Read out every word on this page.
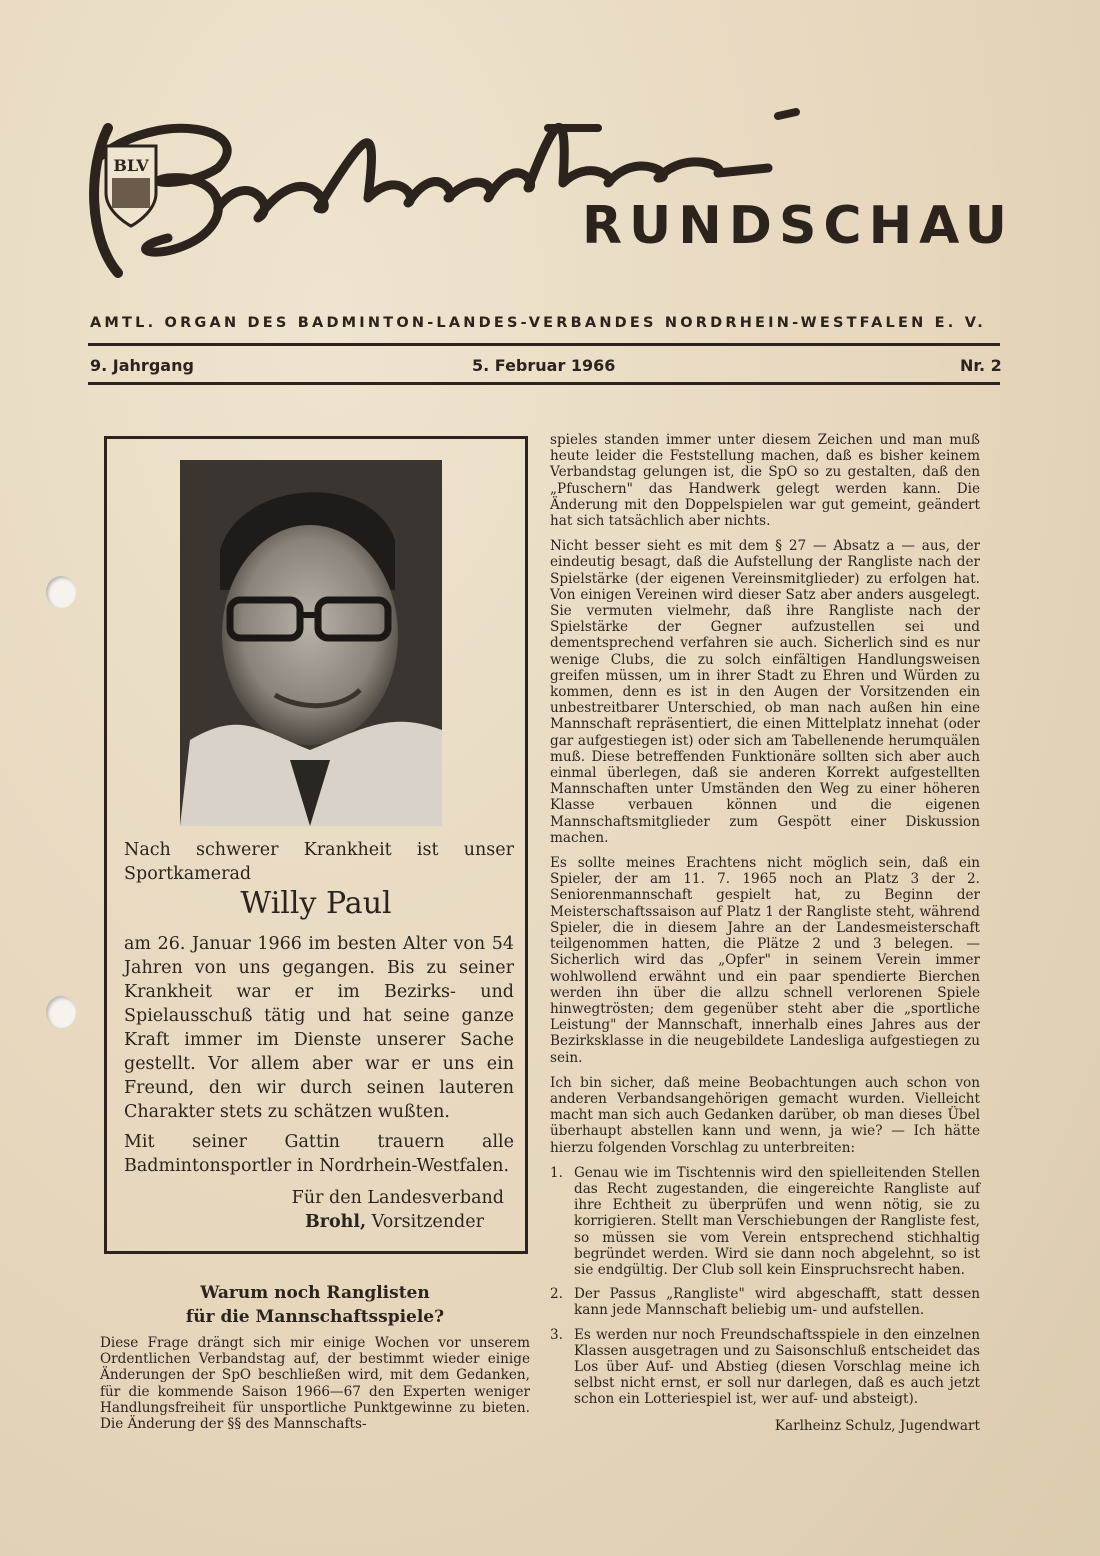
BLV
RUNDSCHAU
AMTL. ORGAN DES BADMINTON-LANDES-VERBANDES NORDRHEIN-WESTFALEN E. V.
9. Jahrgang	5. Februar 1966	Nr. 2
Nach schwerer Krankheit ist unser Sportkamerad
Willy Paul
am 26. Januar 1966 im besten Alter von 54 Jahren von uns gegangen. Bis zu seiner Krankheit war er im Bezirks- und Spielausschuß tätig und hat seine ganze Kraft immer im Dienste unserer Sache gestellt. Vor allem aber war er uns ein Freund, den wir durch seinen lauteren Charakter stets zu schätzen wußten.
Mit seiner Gattin trauern alle Badmintonsportler in Nordrhein-Westfalen.
Für den Landesverband
Brohl, Vorsitzender
Warum noch Ranglisten
für die Mannschaftsspiele?
Diese Frage drängt sich mir einige Wochen vor unserem Ordentlichen Verbandstag auf, der bestimmt wieder einige Änderungen der SpO beschließen wird, mit dem Gedanken, für die kommende Saison 1966—67 den Experten weniger Handlungsfreiheit für unsportliche Punktgewinne zu bieten. Die Änderung der §§ des Mannschafts-

spieles standen immer unter diesem Zeichen und man muß heute leider die Feststellung machen, daß es bisher keinem Verbandstag gelungen ist, die SpO so zu gestalten, daß den „Pfuschern" das Handwerk gelegt werden kann. Die Änderung mit den Doppelspielen war gut gemeint, geändert hat sich tatsächlich aber nichts.

Nicht besser sieht es mit dem § 27 — Absatz a — aus, der eindeutig besagt, daß die Aufstellung der Rangliste nach der Spielstärke (der eigenen Vereinsmitglieder) zu erfolgen hat. Von einigen Vereinen wird dieser Satz aber anders ausgelegt. Sie vermuten vielmehr, daß ihre Rangliste nach der Spielstärke der Gegner aufzustellen sei und dementsprechend verfahren sie auch. Sicherlich sind es nur wenige Clubs, die zu solch einfältigen Handlungsweisen greifen müssen, um in ihrer Stadt zu Ehren und Würden zu kommen, denn es ist in den Augen der Vorsitzenden ein unbestreitbarer Unterschied, ob man nach außen hin eine Mannschaft repräsentiert, die einen Mittelplatz innehat (oder gar aufgestiegen ist) oder sich am Tabellenende herumquälen muß. Diese betreffenden Funktionäre sollten sich aber auch einmal überlegen, daß sie anderen Korrekt aufgestellten Mannschaften unter Umständen den Weg zu einer höheren Klasse verbauen können und die eigenen Mannschaftsmitglieder zum Gespött einer Diskussion machen.

Es sollte meines Erachtens nicht möglich sein, daß ein Spieler, der am 11. 7. 1965 noch an Platz 3 der 2. Seniorenmannschaft gespielt hat, zu Beginn der Meisterschaftssaison auf Platz 1 der Rangliste steht, während Spieler, die in diesem Jahre an der Landesmeisterschaft teilgenommen hatten, die Plätze 2 und 3 belegen. — Sicherlich wird das „Opfer" in seinem Verein immer wohlwollend erwähnt und ein paar spendierte Bierchen werden ihn über die allzu schnell verlorenen Spiele hinwegtrösten; dem gegenüber steht aber die „sportliche Leistung" der Mannschaft, innerhalb eines Jahres aus der Bezirksklasse in die neugebildete Landesliga aufgestiegen zu sein.

Ich bin sicher, daß meine Beobachtungen auch schon von anderen Verbandsangehörigen gemacht wurden. Vielleicht macht man sich auch Gedanken darüber, ob man dieses Übel überhaupt abstellen kann und wenn, ja wie? — Ich hätte hierzu folgenden Vorschlag zu unterbreiten:

1. Genau wie im Tischtennis wird den spielleitenden Stellen das Recht zugestanden, die eingereichte Rangliste auf ihre Echtheit zu überprüfen und wenn nötig, sie zu korrigieren. Stellt man Verschiebungen der Rangliste fest, so müssen sie vom Verein entsprechend stichhaltig begründet werden. Wird sie dann noch abgelehnt, so ist sie endgültig. Der Club soll kein Einspruchsrecht haben.
2. Der Passus „Rangliste" wird abgeschafft, statt dessen kann jede Mannschaft beliebig um- und aufstellen.
3. Es werden nur noch Freundschaftsspiele in den einzelnen Klassen ausgetragen und zu Saisonschluß entscheidet das Los über Auf- und Abstieg (diesen Vorschlag meine ich selbst nicht ernst, er soll nur darlegen, daß es auch jetzt schon ein Lotteriespiel ist, wer auf- und absteigt).
Karlheinz Schulz, Jugendwart
